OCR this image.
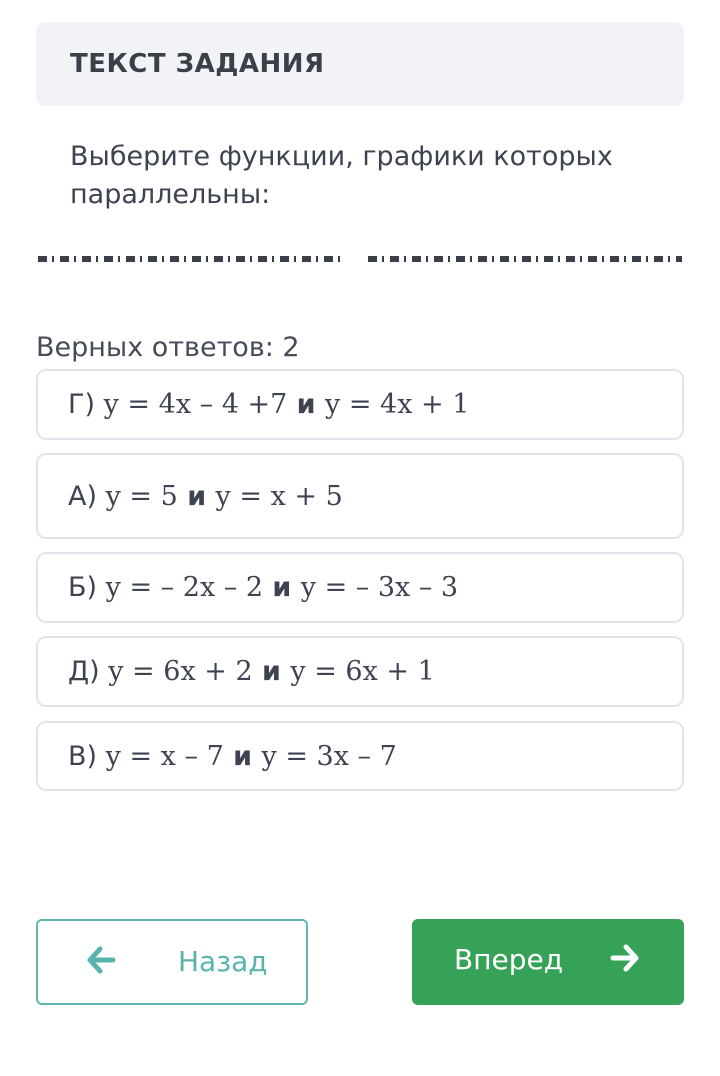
ТЕКСТ ЗАДАНИЯ
Выберите функции, графики которых
параллельны:
Верных ответов: 2
Г) y = 4x – 4 +7 и y = 4x + 1
А) y = 5 и y = x + 5
Б) y = – 2x – 2 и y = – 3x – 3
Д) y = 6x + 2 и y = 6x + 1
В) y = x – 7 и y = 3x – 7
Назад	Вперед
